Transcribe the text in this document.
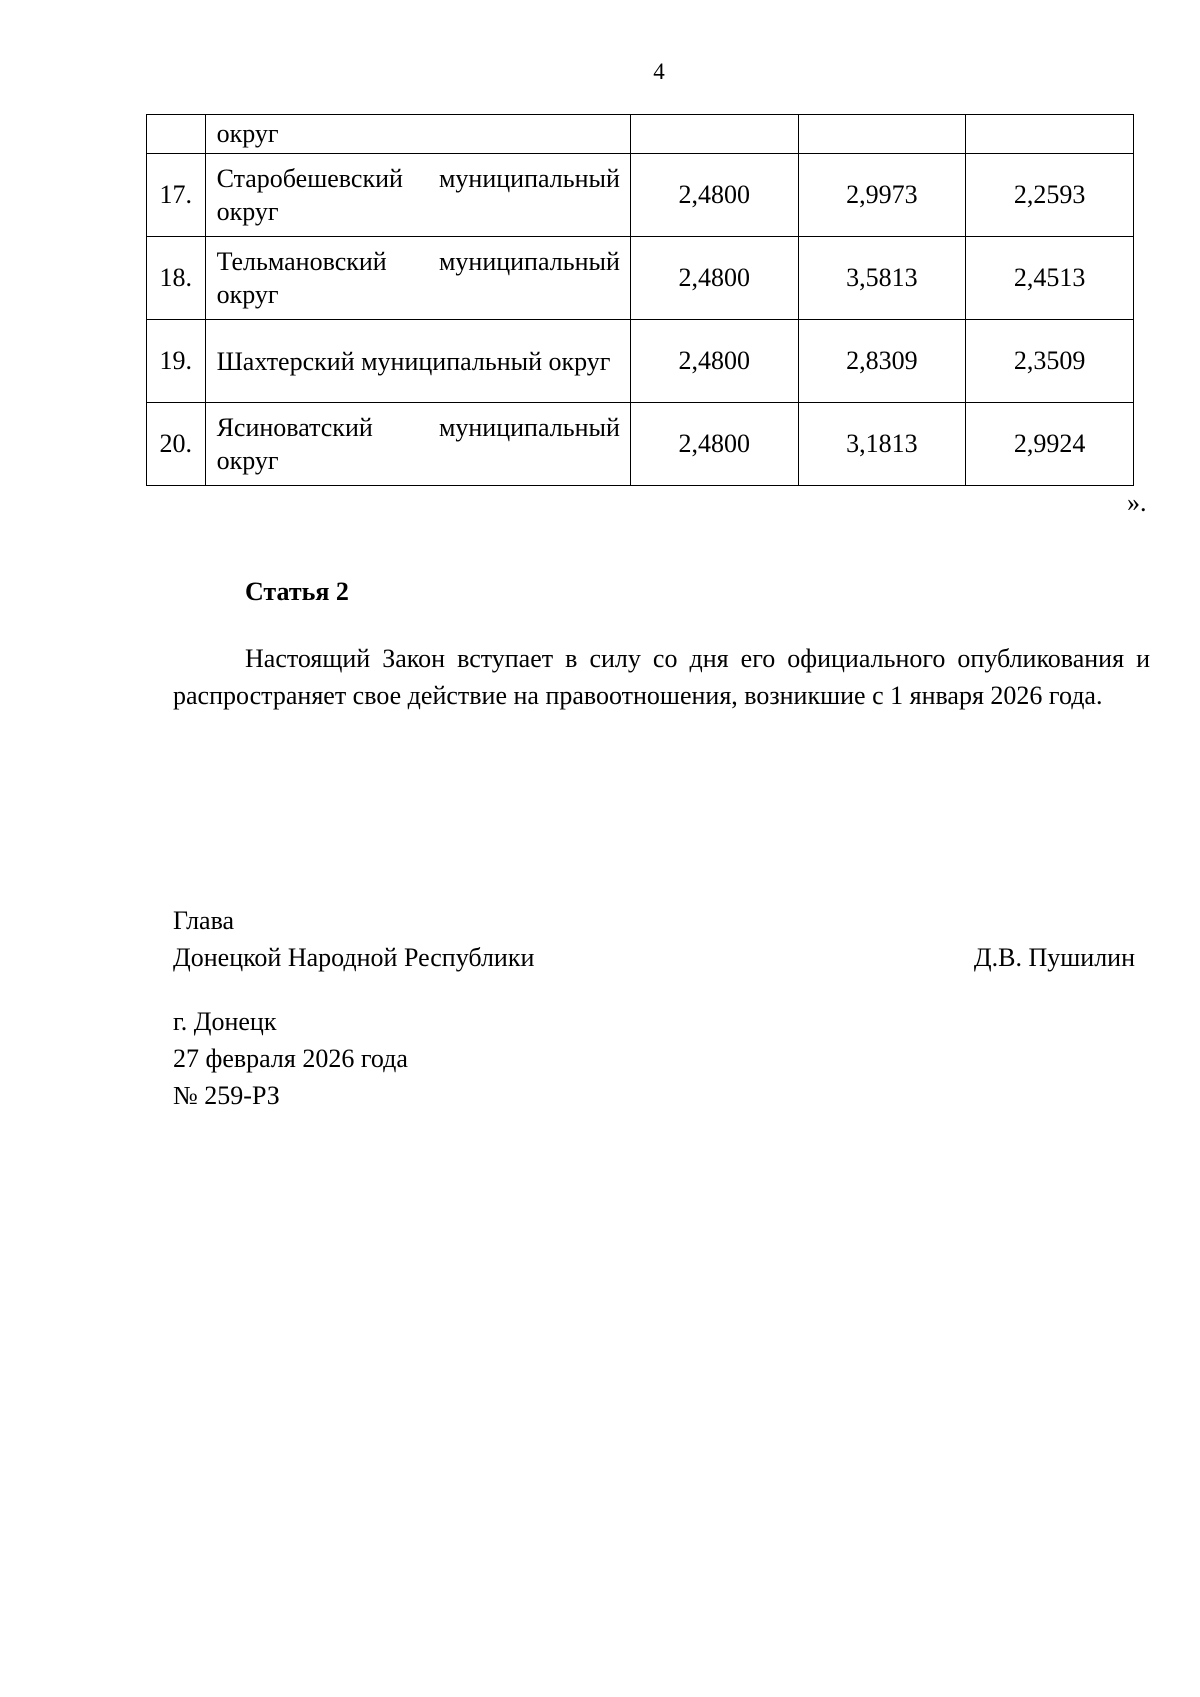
4
	округ			
17.	Старобешевский муниципальный округ	2,4800	2,9973	2,2593
18.	Тельмановский муниципальный округ	2,4800	3,5813	2,4513
19.	Шахтерский муниципальный округ	2,4800	2,8309	2,3509
20.	Ясиноватский муниципальный округ	2,4800	3,1813	2,9924
».
Статья 2

Настоящий Закон вступает в силу со дня его официального опубликования и распространяет свое действие на правоотношения, возникшие с 1 января 2026 года.

Глава
Донецкой Народной Республики	Д.В. Пушилин
г. Донецк
27 февраля 2026 года
№ 259-РЗ
